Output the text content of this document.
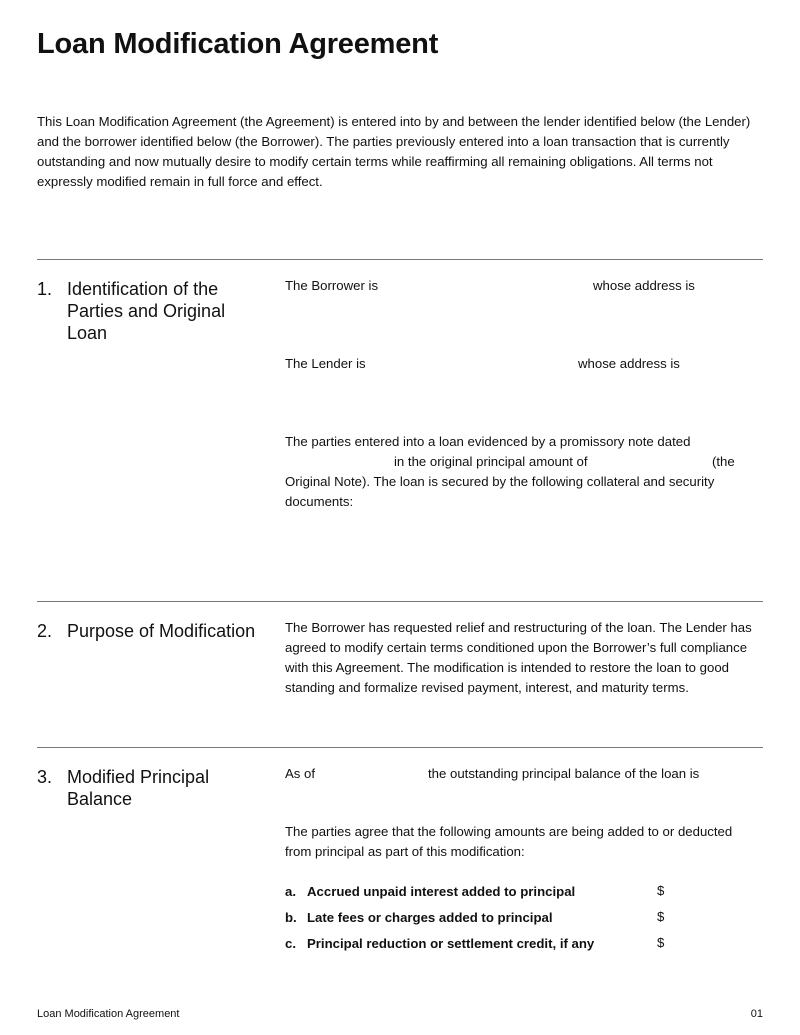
Loan Modification Agreement
This Loan Modification Agreement (the Agreement) is entered into by and between the lender identified below (the Lender) and the borrower identified below (the Borrower). The parties previously entered into a loan transaction that is currently outstanding and now mutually desire to modify certain terms while reaffirming all remaining obligations. All terms not expressly modified remain in full force and effect.
1. Identification of the Parties and Original Loan
The Borrower is	whose address is
The Lender is	whose address is
The parties entered into a loan evidenced by a promissory note dated
in the original principal amount of	(the
Original Note). The loan is secured by the following collateral and security documents:
2. Purpose of Modification The Borrower has requested relief and restructuring of the loan. The Lender has agreed to modify certain terms conditioned upon the Borrower’s full compliance with this Agreement. The modification is intended to restore the loan to good standing and formalize revised payment, interest, and maturity terms.
3. Modified Principal Balance
As of	the outstanding principal balance of the loan is
The parties agree that the following amounts are being added to or deducted from principal as part of this modification:
a. Accrued unpaid interest added to principal	$
b. Late fees or charges added to principal	$
c. Principal reduction or settlement credit, if any	$
Loan Modification Agreement	01
